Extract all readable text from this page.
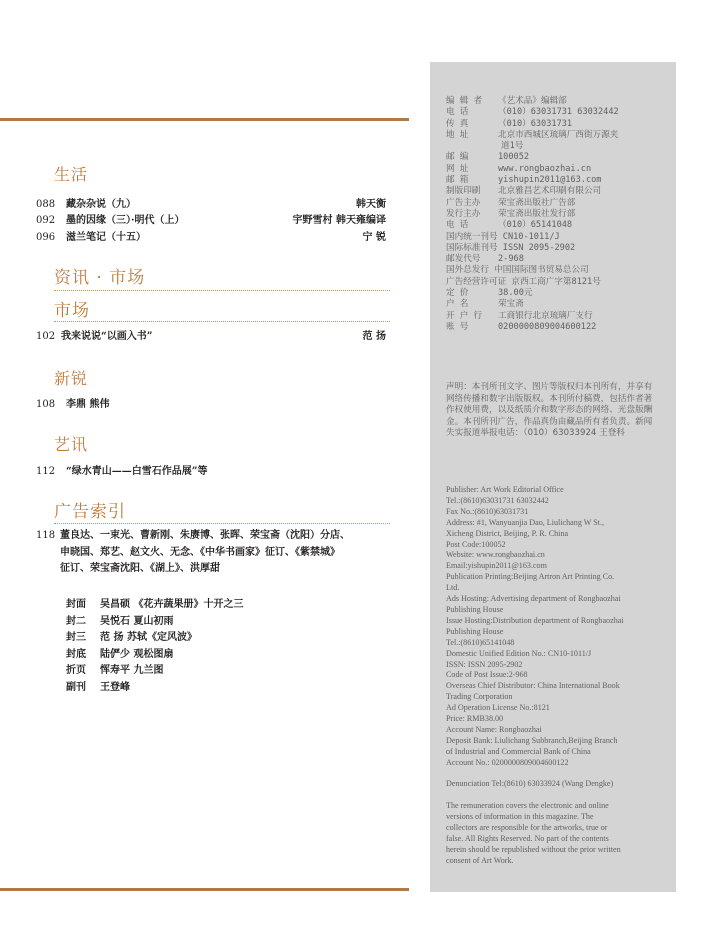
生活
088 藏杂杂说（九）	韩天衡
092 墨的因缘（三）·明代（上）	宇野雪村 韩天雍编译
096 滋兰笔记（十五）	宁 锐
资讯 · 市场
市场
102 我来说说“以画入书”	范 扬
新锐
108 李鼎 熊伟
艺讯
112 “绿水青山——白雪石作品展”等
广告索引
118 董良达、一束光、曹新刚、朱赓博、张晖、荣宝斋（沈阳）分店、
申晓国、郑艺、赵文火、无念、《中华书画家》征订、《紫禁城》
征订、荣宝斋沈阳、《湖上》、洪厚甜
封面 吴昌硕 《花卉蔬果册》十开之三
封二 吴悦石 夏山初雨
封三 范 扬 苏轼《定风波》
封底 陆俨少 观松图扇
折页 恽寿平 九兰图
副刊 王登峰
编 辑 者 《艺术品》编辑部
电 话	（010）63031731 63032442
传 真	（010）63031731
地 址	北京市西城区琉璃厂西街万源夹
道1号
邮 编	100052
网 址	www.rongbaozhai.cn
邮 箱	yishupin2011@163.com
制版印刷 北京雅昌艺术印刷有限公司
广告主办 荣宝斋出版社广告部
发行主办 荣宝斋出版社发行部
电 话	（010）65141048
国内统一刊号 CN10-1011/J
国际标准刊号 ISSN 2095-2902
邮发代号 2-968
国外总发行 中国国际图书贸易总公司
广告经营许可证 京西工商广字第8121号
定 价	38.00元
户 名	荣宝斋
开 户 行 工商银行北京琉璃厂支行
账 号	0200000809004600122
声明：本刊所刊文字、图片等版权归本刊所有，并享有网络传播和数字出版版权。本刊所付稿费，包括作者著作权使用费，以及纸质介和数字形态的网络、光盘版酬金。本刊所刊广告，作品真伪由藏品所有者负责。新闻失实报道举报电话：（010）63033924 王登科
Publisher: Art Work Editorial Office
Tel.:(8610)63031731 63032442
Fax No.:(8610)63031731
Address: #1, Wanyuanjia Dao, Liulichang W St.,
Xicheng District, Beijing, P. R. China
Post Code:100052
Website: www.rongbaozhai.cn
Email:yishupin2011@163.com
Publication Printing:Beijing Artron Art Printing Co.
Ltd.
Ads Hosting: Advertising department of Rongbaozhai
Publishing House
Issue Hosting:Distribution department of Rongbaozhai
Publishing House
Tel.:(8610)65141048
Domestic Unified Edition No.: CN10-1011/J
ISSN: ISSN 2095-2902
Code of Post Issue:2-968
Overseas Chief Distributor: China International Book
Trading Corporation
Ad Operation License No.:8121
Price: RMB38.00
Account Name: Rongbaozhai
Deposit Bank: Liulichang Subbranch,Beijing Branch
of Industrial and Commercial Bank of China
Account No.: 0200000809004600122
Denunciation Tel:(8610) 63033924 (Wang Dengke)
The remuneration covers the electronic and online
versions of information in this magazine. The
collectors are responsible for the artworks, true or
false. All Rights Reserved. No part of the contents
herein should be republished without the prior written
consent of Art Work.
